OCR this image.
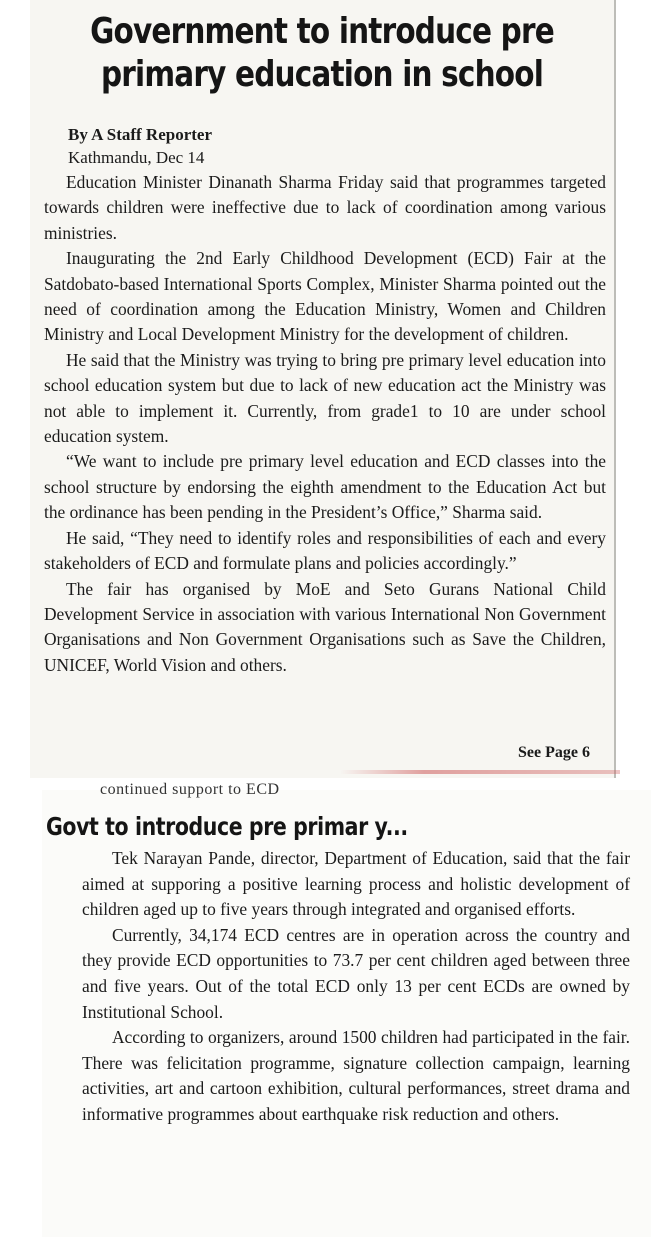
Government to introduce pre primary education in school
By A Staff Reporter
Kathmandu, Dec 14

Education Minister Dinanath Sharma Friday said that programmes targeted towards children were ineffective due to lack of coordination among various ministries.

Inaugurating the 2nd Early Childhood Development (ECD) Fair at the Satdobato-based International Sports Complex, Minister Sharma pointed out the need of coordination among the Education Ministry, Women and Children Ministry and Local Development Ministry for the development of children.

He said that the Ministry was trying to bring pre primary level education into school education system but due to lack of new education act the Ministry was not able to implement it. Currently, from grade1 to 10 are under school education system.

“We want to include pre primary level education and ECD classes into the school structure by endorsing the eighth amendment to the Education Act but the ordinance has been pending in the President’s Office,” Sharma said.

He said, “They need to identify roles and responsibilities of each and every stakeholders of ECD and formulate plans and policies accordingly.”

The fair has organised by MoE and Seto Gurans National Child Development Service in association with various International Non Government Organisations and Non Government Organisations such as Save the Children, UNICEF, World Vision and others.

See Page 6
continued support to ECD
Govt to introduce pre primar y...

Tek Narayan Pande, director, Department of Education, said that the fair aimed at supporing a positive learning process and holistic development of children aged up to five years through integrated and organised efforts.

Currently, 34,174 ECD centres are in operation across the country and they provide ECD opportunities to 73.7 per cent children aged between three and five years. Out of the total ECD only 13 per cent ECDs are owned by Institutional School.

According to organizers, around 1500 children had participated in the fair. There was felicitation programme, signature collection campaign, learning activities, art and cartoon exhibition, cultural performances, street drama and informative programmes about earthquake risk reduction and others.
